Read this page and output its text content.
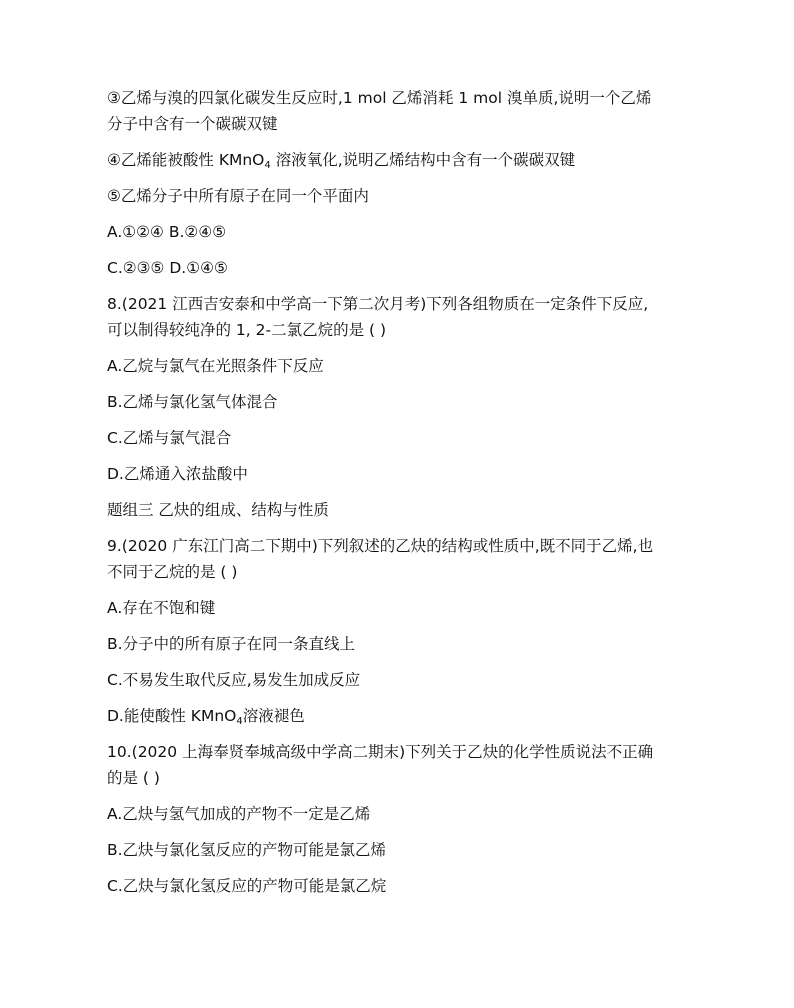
③乙烯与溴的四氯化碳发生反应时,1 mol 乙烯消耗 1 mol 溴单质,说明一个乙烯
分子中含有一个碳碳双键
④乙烯能被酸性 KMnO$_4$ 溶液氧化,说明乙烯结构中含有一个碳碳双键
⑤乙烯分子中所有原子在同一个平面内
A.①②④ B.②④⑤
C.②③⑤ D.①④⑤
8.(2021 江西吉安泰和中学高一下第二次月考)下列各组物质在一定条件下反应,
可以制得较纯净的 1, 2-二氯乙烷的是 ( )
A.乙烷与氯气在光照条件下反应
B.乙烯与氯化氢气体混合
C.乙烯与氯气混合
D.乙烯通入浓盐酸中
题组三 乙炔的组成、结构与性质
9.(2020 广东江门高二下期中)下列叙述的乙炔的结构或性质中,既不同于乙烯,也
不同于乙烷的是 ( )
A.存在不饱和键
B.分子中的所有原子在同一条直线上
C.不易发生取代反应,易发生加成反应
D.能使酸性 KMnO$_4$溶液褪色
10.(2020 上海奉贤奉城高级中学高二期末)下列关于乙炔的化学性质说法不正确
的是 ( )
A.乙炔与氢气加成的产物不一定是乙烯
B.乙炔与氯化氢反应的产物可能是氯乙烯
C.乙炔与氯化氢反应的产物可能是氯乙烷
